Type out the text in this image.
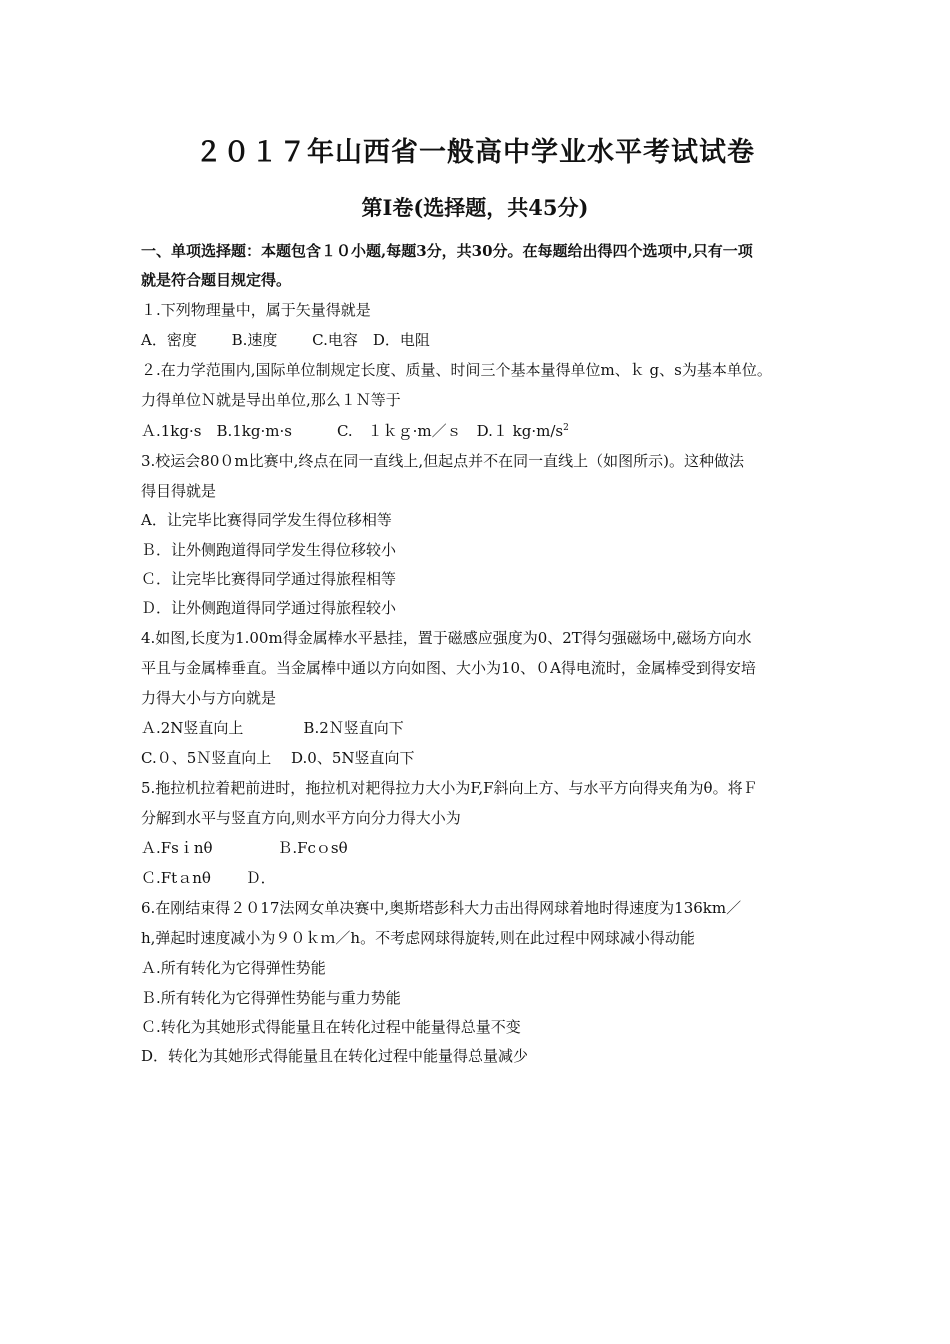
２０１７年山西省一般高中学业水平考试试卷
第Ⅰ卷(选择题，共45分)
一、单项选择题：本题包含１０小题,每题3分，共30分。在每题给出得四个选项中,只有一项
就是符合题目规定得。
１.下列物理量中，属于矢量得就是
A．密度　　 B.速度　　 C.电容　D．电阻
２.在力学范围内,国际单位制规定长度、质量、时间三个基本量得单位m、ｋ g、s为基本单位。
力得单位Ｎ就是导出单位,那么１Ｎ等于
Ａ.1kg·s　B.1kg·m·s　　　C.　１ｋｇ·m／ｓ　D.１ $kg\cdot m/s^2$
3.校运会80０m比赛中,终点在同一直线上,但起点并不在同一直线上（如图所示)。这种做法
得目得就是
A．让完毕比赛得同学发生得位移相等
Ｂ．让外侧跑道得同学发生得位移较小
Ｃ．让完毕比赛得同学通过得旅程相等
Ｄ．让外侧跑道得同学通过得旅程较小
4.如图,长度为1.00m得金属棒水平悬挂，置于磁感应强度为0、2T得匀强磁场中,磁场方向水
平且与金属棒垂直。当金属棒中通以方向如图、大小为10、０A得电流时，金属棒受到得安培
力得大小与方向就是
Ａ.2N竖直向上　　　　B.2Ｎ竖直向下
C.０、5Ｎ竖直向上　 D.0、5N竖直向下
5.拖拉机拉着耙前进时，拖拉机对耙得拉力大小为F,F斜向上方、与水平方向得夹角为θ。将Ｆ
分解到水平与竖直方向,则水平方向分力得大小为
Ａ.Fsｉnθ　　　　 Ｂ.Fcｏsθ
Ｃ.Ftａnθ　　 Ｄ．
6.在刚结束得２０17法网女单决赛中,奥斯塔彭科大力击出得网球着地时得速度为136km／
h,弹起时速度减小为９０ｋｍ／h。不考虑网球得旋转,则在此过程中网球减小得动能
Ａ.所有转化为它得弹性势能
Ｂ.所有转化为它得弹性势能与重力势能
Ｃ.转化为其她形式得能量且在转化过程中能量得总量不变
D．转化为其她形式得能量且在转化过程中能量得总量减少
